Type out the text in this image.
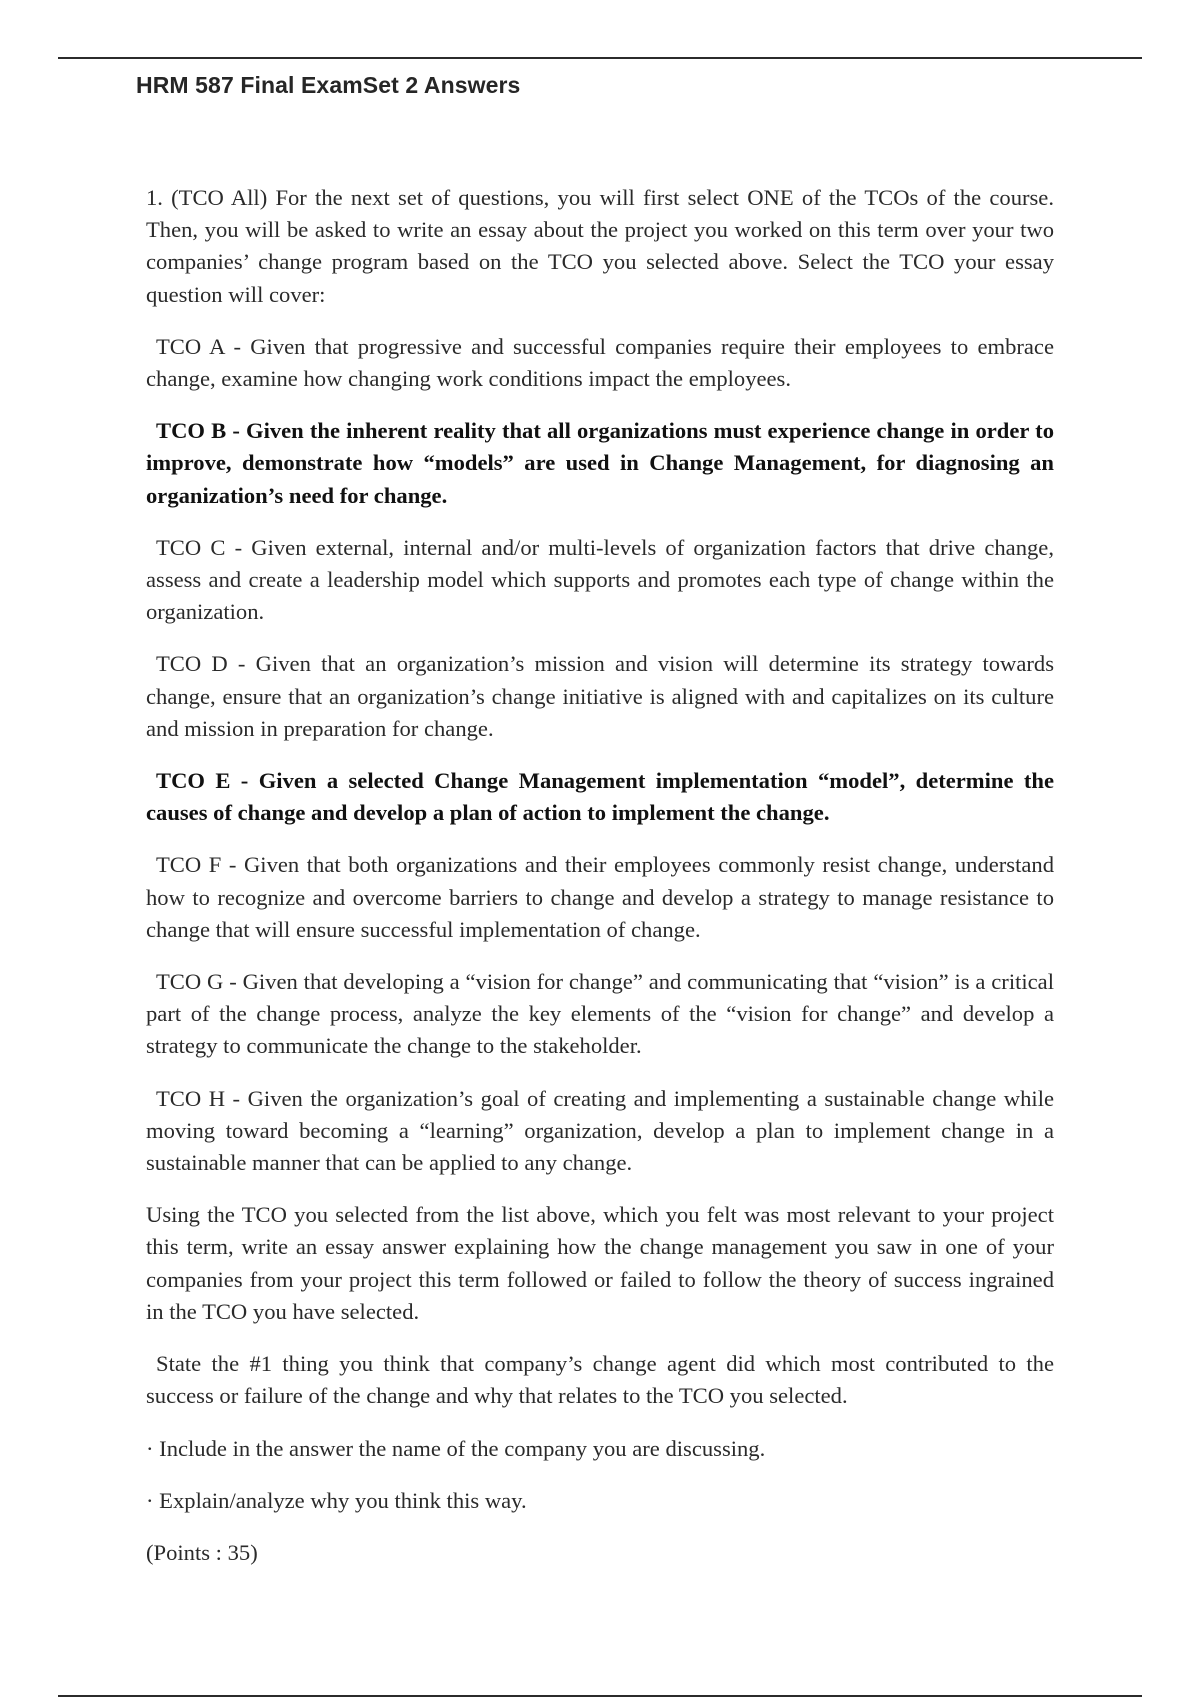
HRM 587 Final ExamSet 2 Answers

1. (TCO All) For the next set of questions, you will first select ONE of the TCOs of the course. Then, you will be asked to write an essay about the project you worked on this term over your two companies’ change program based on the TCO you selected above. Select the TCO your essay question will cover:

TCO A - Given that progressive and successful companies require their employees to embrace change, examine how changing work conditions impact the employees.

TCO B - Given the inherent reality that all organizations must experience change in order to improve, demonstrate how “models” are used in Change Management, for diagnosing an organization’s need for change.

TCO C - Given external, internal and/or multi-levels of organization factors that drive change, assess and create a leadership model which supports and promotes each type of change within the organization.

TCO D - Given that an organization’s mission and vision will determine its strategy towards change, ensure that an organization’s change initiative is aligned with and capitalizes on its culture and mission in preparation for change.

TCO E - Given a selected Change Management implementation “model”, determine the causes of change and develop a plan of action to implement the change.

TCO F - Given that both organizations and their employees commonly resist change, understand how to recognize and overcome barriers to change and develop a strategy to manage resistance to change that will ensure successful implementation of change.

TCO G - Given that developing a “vision for change” and communicating that “vision” is a critical part of the change process, analyze the key elements of the “vision for change” and develop a strategy to communicate the change to the stakeholder.

TCO H - Given the organization’s goal of creating and implementing a sustainable change while moving toward becoming a “learning” organization, develop a plan to implement change in a sustainable manner that can be applied to any change.

Using the TCO you selected from the list above, which you felt was most relevant to your project this term, write an essay answer explaining how the change management you saw in one of your companies from your project this term followed or failed to follow the theory of success ingrained in the TCO you have selected.

State the #1 thing you think that company’s change agent did which most contributed to the success or failure of the change and why that relates to the TCO you selected.

· Include in the answer the name of the company you are discussing.

· Explain/analyze why you think this way.

(Points : 35)
